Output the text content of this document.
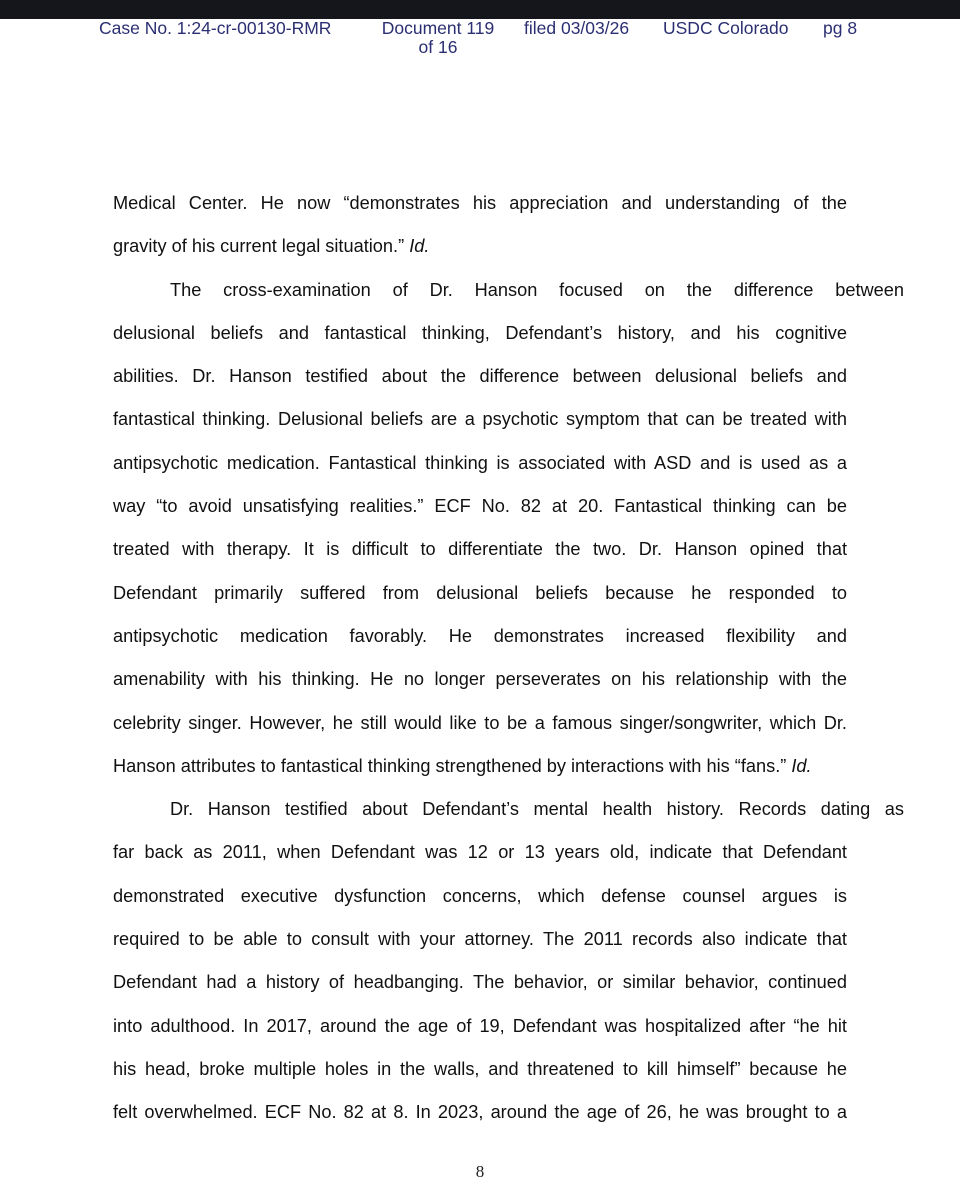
Case No. 1:24-cr-00130-RMR	Document 119
of 16
filed 03/03/26 USDC Colorado pg 8

Medical Center. He now “demonstrates his appreciation and understanding of the
gravity of his current legal situation.” Id.

The cross-examination of Dr. Hanson focused on the difference between
delusional beliefs and fantastical thinking, Defendant’s history, and his cognitive
abilities. Dr. Hanson testified about the difference between delusional beliefs and
fantastical thinking. Delusional beliefs are a psychotic symptom that can be treated with
antipsychotic medication. Fantastical thinking is associated with ASD and is used as a
way “to avoid unsatisfying realities.” ECF No. 82 at 20. Fantastical thinking can be
treated with therapy. It is difficult to differentiate the two. Dr. Hanson opined that
Defendant primarily suffered from delusional beliefs because he responded to
antipsychotic medication favorably. He demonstrates increased flexibility and
amenability with his thinking. He no longer perseverates on his relationship with the
celebrity singer. However, he still would like to be a famous singer/songwriter, which Dr.
Hanson attributes to fantastical thinking strengthened by interactions with his “fans.” Id.

Dr. Hanson testified about Defendant’s mental health history. Records dating as
far back as 2011, when Defendant was 12 or 13 years old, indicate that Defendant
demonstrated executive dysfunction concerns, which defense counsel argues is
required to be able to consult with your attorney. The 2011 records also indicate that
Defendant had a history of headbanging. The behavior, or similar behavior, continued
into adulthood. In 2017, around the age of 19, Defendant was hospitalized after “he hit
his head, broke multiple holes in the walls, and threatened to kill himself” because he
felt overwhelmed. ECF No. 82 at 8. In 2023, around the age of 26, he was brought to a

8
